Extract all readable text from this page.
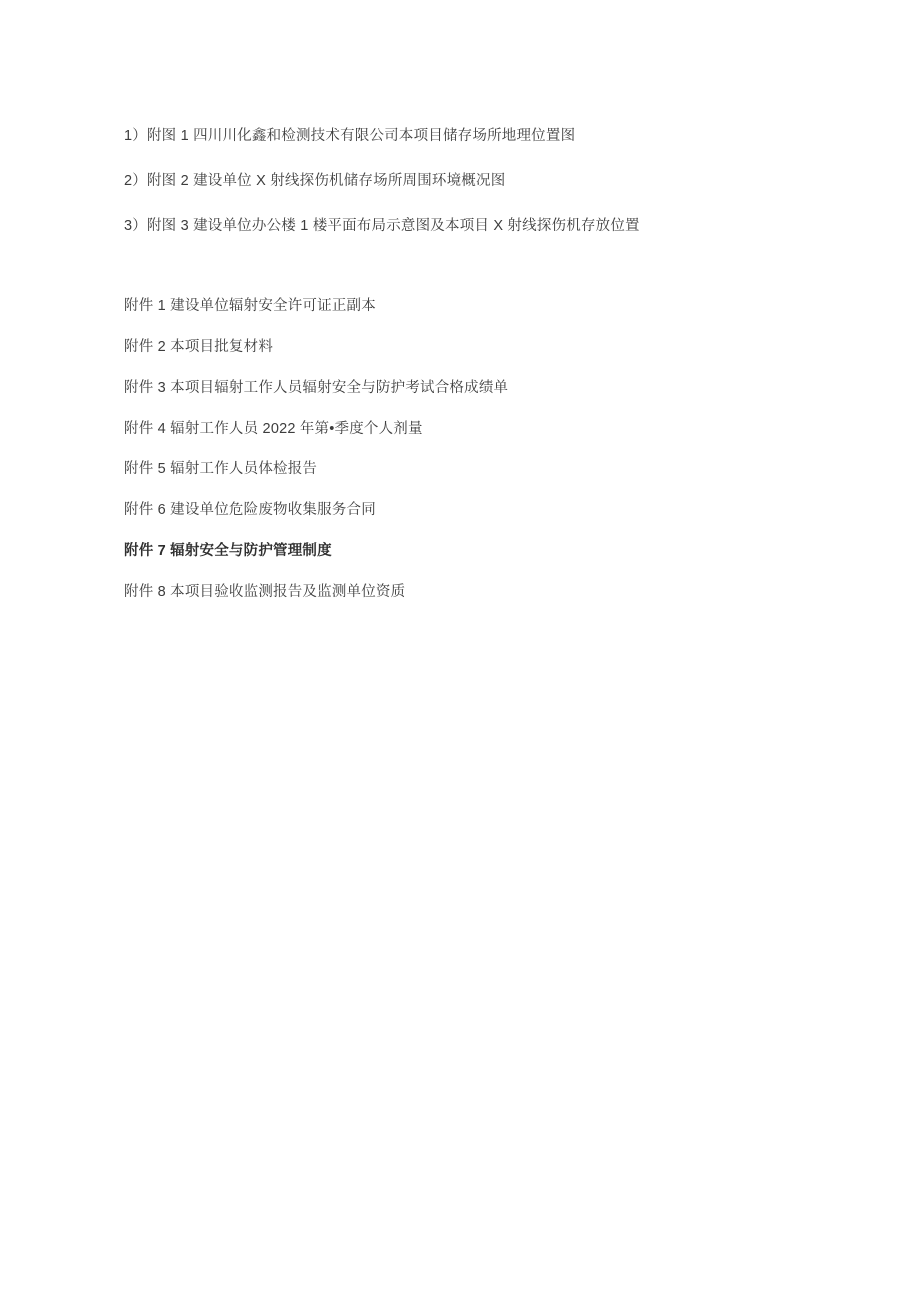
1）附图 1 四川川化鑫和检测技术有限公司本项目储存场所地理位置图
2）附图 2 建设单位 X 射线探伤机储存场所周围环境概况图
3）附图 3 建设单位办公楼 1 楼平面布局示意图及本项目 X 射线探伤机存放位置
附件 1 建设单位辐射安全许可证正副本
附件 2 本项目批复材料
附件 3 本项目辐射工作人员辐射安全与防护考试合格成绩单
附件 4 辐射工作人员 2022 年第•季度个人剂量
附件 5 辐射工作人员体检报告
附件 6 建设单位危险废物收集服务合同
附件 7 辐射安全与防护管理制度
附件 8 本项目验收监测报告及监测单位资质
